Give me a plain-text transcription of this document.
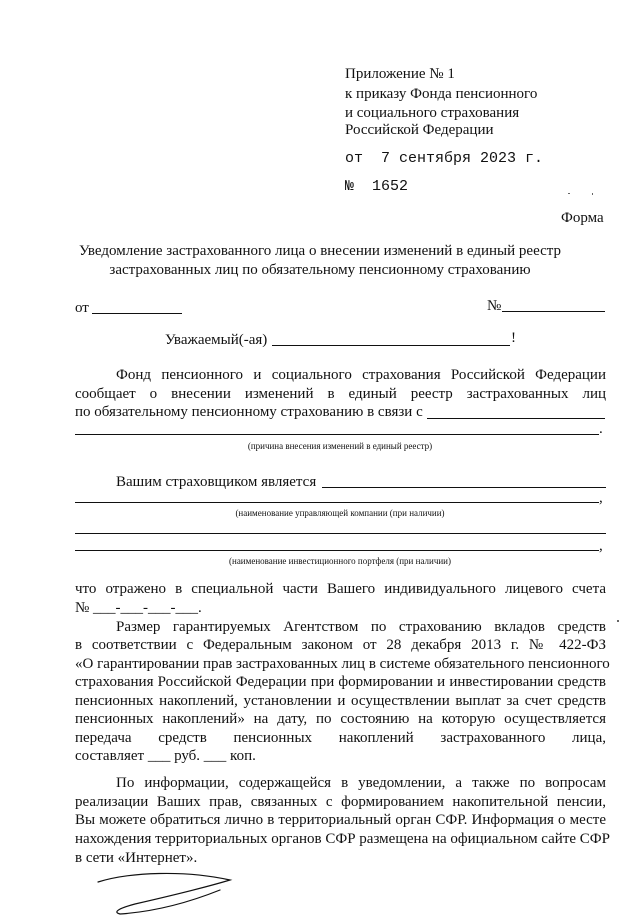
Приложение № 1
к приказу Фонда пенсионного
и социального страхования
Российской Федерации
от  7 сентября 2023 г.
№  1652
Форма
Уведомление застрахованного лица о внесении изменений в единый реестр
застрахованных лиц по обязательному пенсионному страхованию
от	№
Уважаемый(-ая)	!
Фонд пенсионного и социального страхования Российской Федерации
сообщает о внесении изменений в единый реестр застрахованных лиц
по обязательному пенсионному страхованию в связи с
.
(причина внесения изменений в единый реестр)
Вашим страховщиком является
,
(наименование управляющей компании (при наличии)
,
(наименование инвестиционного портфеля (при наличии)
что отражено в специальной части Вашего индивидуального лицевого счета
№ ___-___-___-___.
Размер гарантируемых Агентством по страхованию вкладов средств
в соответствии с Федеральным законом от 28 декабря 2013 г. № 422-ФЗ
«О гарантировании прав застрахованных лиц в системе обязательного пенсионного
страхования Российской Федерации при формировании и инвестировании средств
пенсионных накоплений, установлении и осуществлении выплат за счет средств
пенсионных накоплений» на дату, по состоянию на которую осуществляется
передача средств пенсионных накоплений застрахованного лица,
составляет ___ руб. ___ коп.
По информации, содержащейся в уведомлении, а также по вопросам
реализации Ваших прав, связанных с формированием накопительной пенсии,
Вы можете обратиться лично в территориальный орган СФР. Информация о месте
нахождения территориальных органов СФР размещена на официальном сайте СФР
в сети «Интернет».
